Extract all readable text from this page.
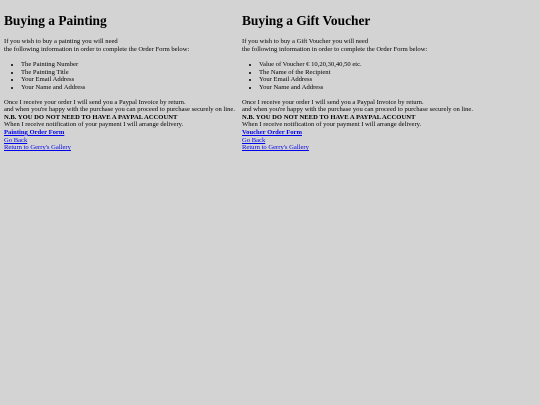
Buying a Painting

If you wish to buy a painting you will need
the following information in order to complete the Order Form below:

• The Painting Number
• The Painting Title
• Your Email Address
• Your Name and Address

Once I receive your order I will send you a Paypal Invoice by return.
and when you're happy with the purchase you can proceed to purchase securely on line.
N.B. YOU DO NOT NEED TO HAVE A PAYPAL ACCOUNT
When I receive notification of your payment I will arrange delivery.

Painting Order Form
Go Back
Return to Gerry's Gallery
Buying a Gift Voucher

If you wish to buy a Gift Voucher you will need
the following information in order to complete the Order Form below:

• Value of Voucher € 10,20,30,40,50 etc.
• The Name of the Recipient
• Your Email Address
• Your Name and Address

Once I receive your order I will send you a Paypal Invoice by return.
and when you're happy with the purchase you can proceed to purchase securely on line.
N.B. YOU DO NOT NEED TO HAVE A PAYPAL ACCOUNT
When I receive notification of your payment I will arrange delivery.

Voucher Order Form
Go Back
Return to Gerry's Gallery
